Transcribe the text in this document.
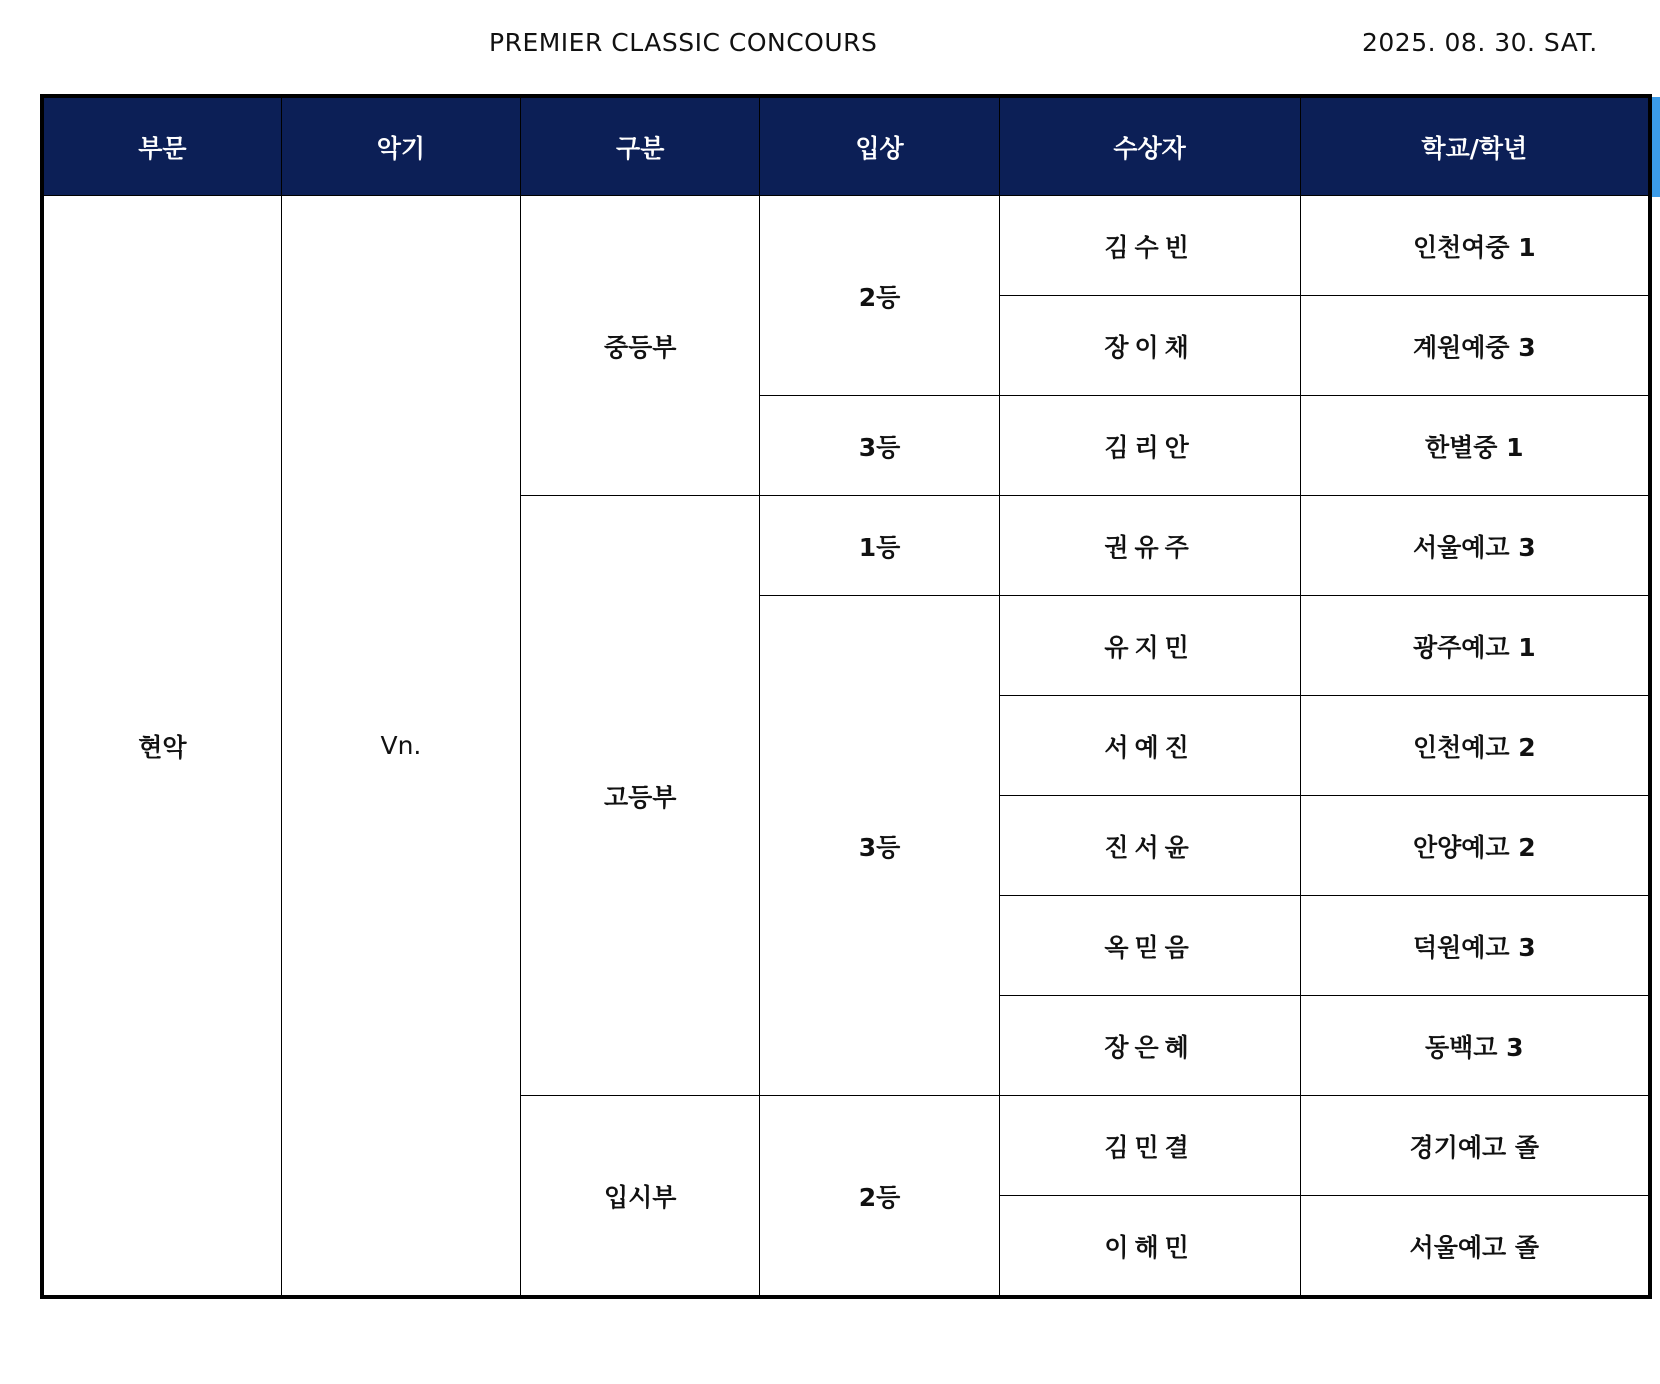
PREMIER CLASSIC CONCOURS	2025. 08. 30. SAT.
부문	악기	구분	입상	수상자	학교/학년
현악	Vn.	중등부	2등	김수빈	인천여중 1
				장이채	계원예중 3
			3등	김리안	한별중 1
		고등부	1등	권유주	서울예고 3
			3등	유지민	광주예고 1
				서예진	인천예고 2
				진서윤	안양예고 2
				옥믿음	덕원예고 3
				장은혜	동백고 3
		입시부	2등	김민결	경기예고 졸
				이해민	서울예고 졸
